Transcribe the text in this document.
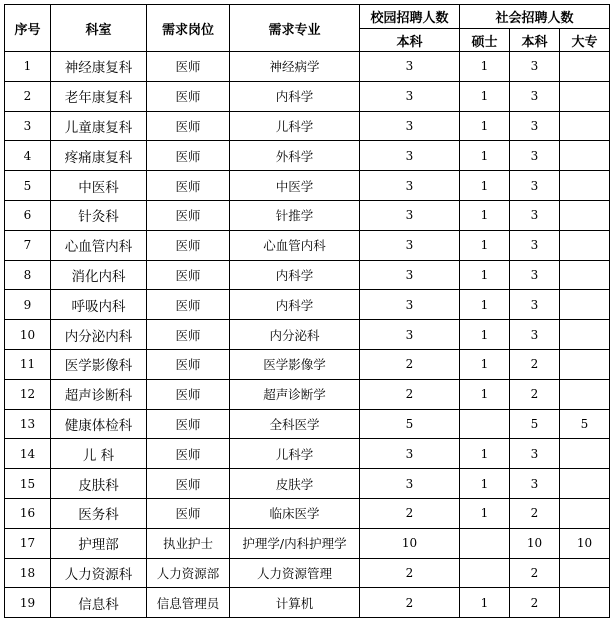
序号	科室	需求岗位	需求专业	校园招聘人数	社会招聘人数		
				本科	硕士	本科	大专
1	神经康复科	医师	神经病学	3	1	3	
2	老年康复科	医师	内科学	3	1	3	
3	儿童康复科	医师	儿科学	3	1	3	
4	疼痛康复科	医师	外科学	3	1	3	
5	中医科	医师	中医学	3	1	3	
6	针灸科	医师	针推学	3	1	3	
7	心血管内科	医师	心血管内科	3	1	3	
8	消化内科	医师	内科学	3	1	3	
9	呼吸内科	医师	内科学	3	1	3	
10	内分泌内科	医师	内分泌科	3	1	3	
11	医学影像科	医师	医学影像学	2	1	2	
12	超声诊断科	医师	超声诊断学	2	1	2	
13	健康体检科	医师	全科医学	5		5	5
14	儿 科	医师	儿科学	3	1	3	
15	皮肤科	医师	皮肤学	3	1	3	
16	医务科	医师	临床医学	2	1	2	
17	护理部	执业护士	护理学/内科护理学	10		10	10
18	人力资源科	人力资源部	人力资源管理	2		2	
19	信息科	信息管理员	计算机	2	1	2	
